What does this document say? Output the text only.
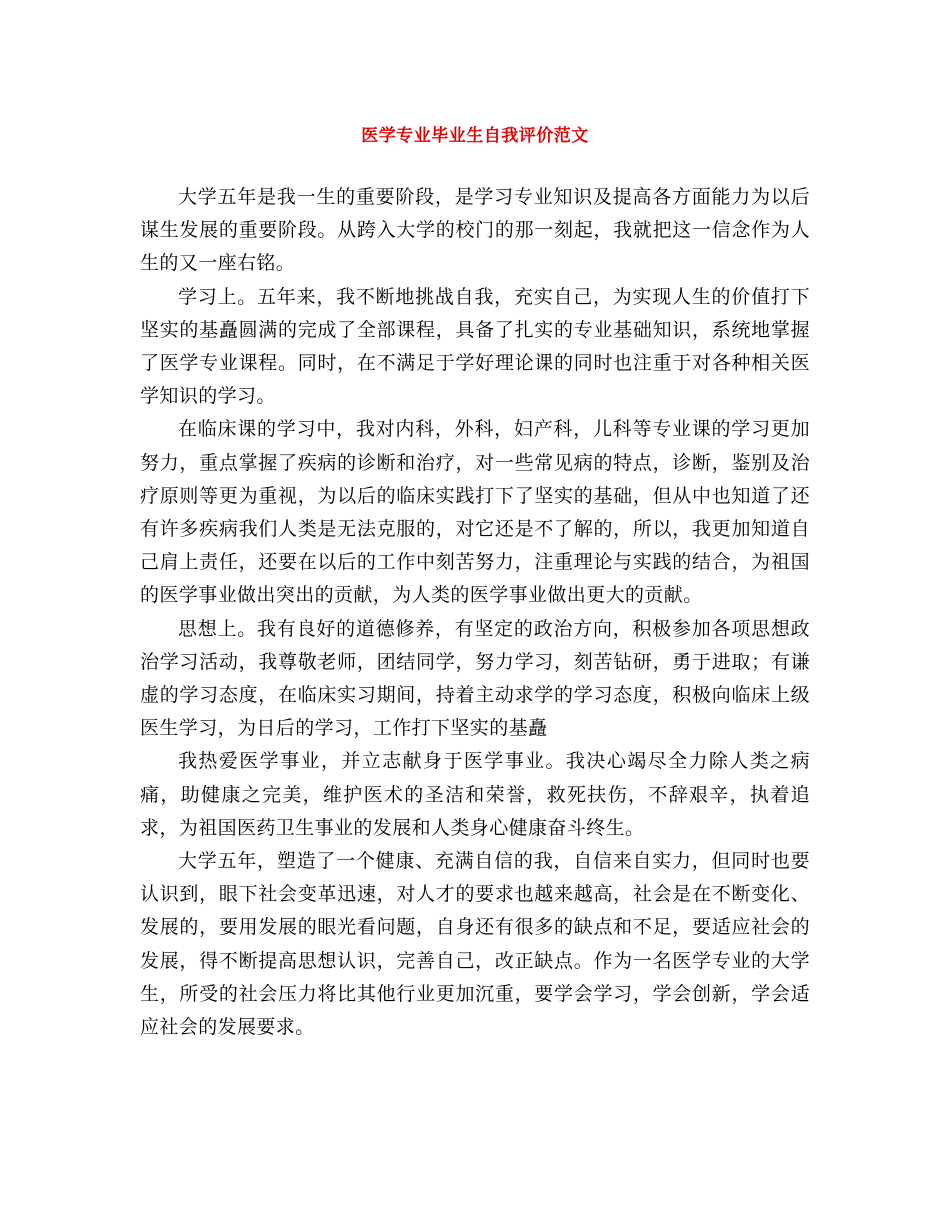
医学专业毕业生自我评价范文

大学五年是我一生的重要阶段，是学习专业知识及提高各方面能力为以后谋生发展的重要阶段。从跨入大学的校门的那一刻起，我就把这一信念作为人生的又一座右铭。

学习上。五年来，我不断地挑战自我，充实自己，为实现人生的价值打下坚实的基矗圆满的完成了全部课程，具备了扎实的专业基础知识，系统地掌握了医学专业课程。同时，在不满足于学好理论课的同时也注重于对各种相关医学知识的学习。

在临床课的学习中，我对内科，外科，妇产科，儿科等专业课的学习更加努力，重点掌握了疾病的诊断和治疗，对一些常见病的特点，诊断，鉴别及治疗原则等更为重视，为以后的临床实践打下了坚实的基础，但从中也知道了还有许多疾病我们人类是无法克服的，对它还是不了解的，所以，我更加知道自己肩上责任，还要在以后的工作中刻苦努力，注重理论与实践的结合，为祖国的医学事业做出突出的贡献，为人类的医学事业做出更大的贡献。

思想上。我有良好的道德修养，有坚定的政治方向，积极参加各项思想政治学习活动，我尊敬老师，团结同学，努力学习，刻苦钻研，勇于进取；有谦虚的学习态度，在临床实习期间，持着主动求学的学习态度，积极向临床上级医生学习，为日后的学习，工作打下坚实的基矗

我热爱医学事业，并立志献身于医学事业。我决心竭尽全力除人类之病痛，助健康之完美，维护医术的圣洁和荣誉，救死扶伤，不辞艰辛，执着追求，为祖国医药卫生事业的发展和人类身心健康奋斗终生。

大学五年，塑造了一个健康、充满自信的我，自信来自实力，但同时也要认识到，眼下社会变革迅速，对人才的要求也越来越高，社会是在不断变化、发展的，要用发展的眼光看问题，自身还有很多的缺点和不足，要适应社会的发展，得不断提高思想认识，完善自己，改正缺点。作为一名医学专业的大学生，所受的社会压力将比其他行业更加沉重，要学会学习，学会创新，学会适应社会的发展要求。
